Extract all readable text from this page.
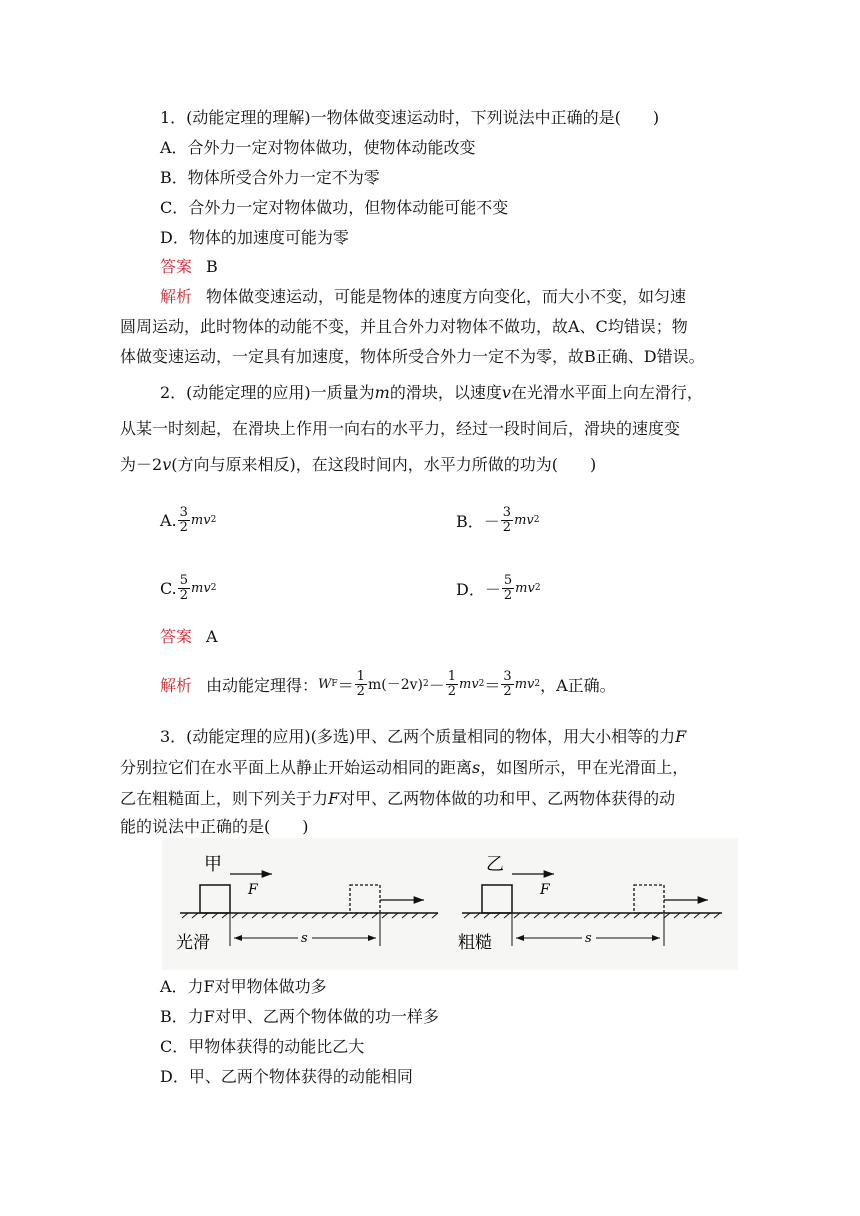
1．(动能定理的理解)一物体做变速运动时，下列说法中正确的是(　　)
A．合外力一定对物体做功，使物体动能改变
B．物体所受合外力一定不为零
C．合外力一定对物体做功，但物体动能可能不变
D．物体的加速度可能为零
答案 B
解析 物体做变速运动，可能是物体的速度方向变化，而大小不变，如匀速
圆周运动，此时物体的动能不变，并且合外力对物体不做功，故A、C均错误；物
体做变速运动，一定具有加速度，物体所受合外力一定不为零，故B正确、D错误。
2．(动能定理的应用)一质量为m的滑块，以速度v在光滑水平面上向左滑行，
从某一时刻起，在滑块上作用一向右的水平力，经过一段时间后，滑块的速度变
为－2v(方向与原来相反)，在这段时间内，水平力所做的功为(　　)
A. $\frac{3}{2}$ mv 2	B． － $\frac{3}{2}$ mv 2
C. $\frac{5}{2}$ mv 2	D． － $\frac{5}{2}$ mv 2
答案 A
解析 由动能定理得： W $F = \frac{1}{2} m(-2v) 2 - \frac{1}{2}$ mv $2 = \frac{3}{2}$ mv 2 ，A正确。
3．(动能定理的应用)(多选)甲、乙两个质量相同的物体，用大小相等的力F
分别拉它们在水平面上从静止开始运动相同的距离s，如图所示，甲在光滑面上，
乙在粗糙面上，则下列关于力F对甲、乙两物体做的功和甲、乙两物体获得的动
能的说法中正确的是(　　)
甲
F
s
光滑
乙
F
s
粗糙
A．力F对甲物体做功多
B．力F对甲、乙两个物体做的功一样多
C．甲物体获得的动能比乙大
D．甲、乙两个物体获得的动能相同
